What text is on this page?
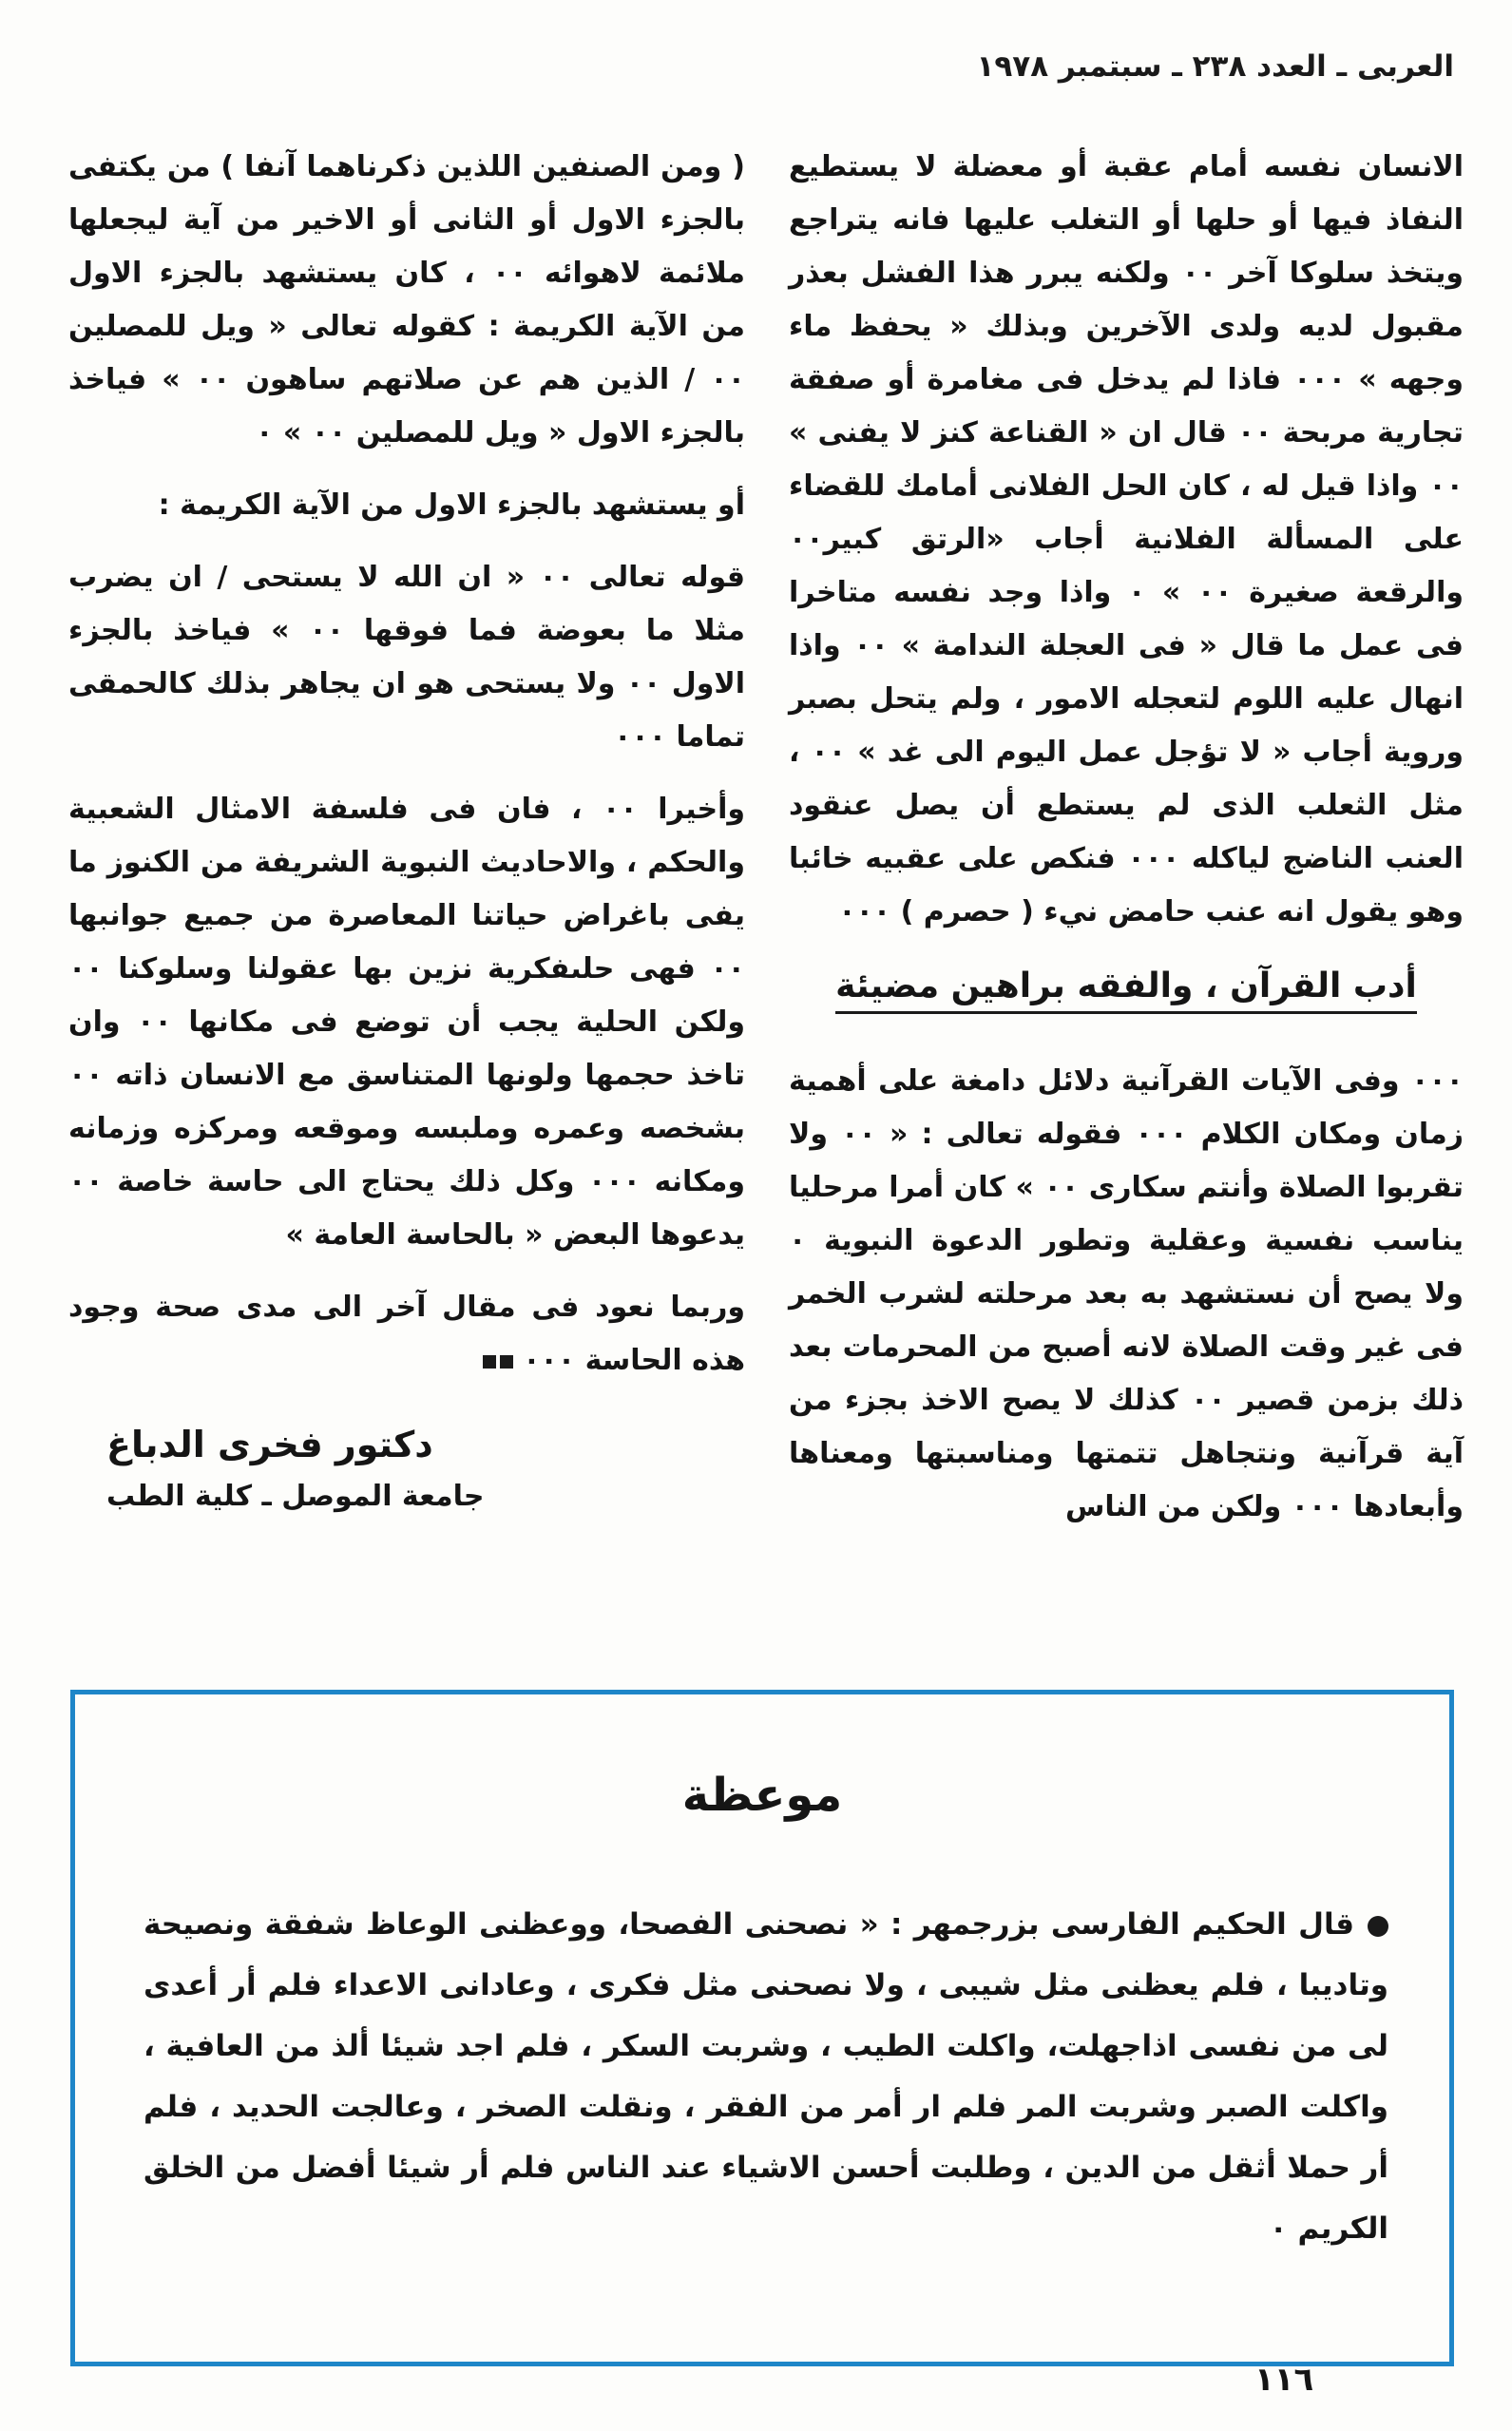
العربى ـ العدد ٢٣٨ ـ سبتمبر ١٩٧٨

الانسان نفسه أمام عقبة أو معضلة لا يستطيع النفاذ فيها أو حلها أو التغلب عليها فانه يتراجع ويتخذ سلوكا آخر ٠٠ ولكنه يبرر هذا الفشل بعذر مقبول لديه ولدى الآخرين وبذلك « يحفظ ماء وجهه » ٠٠٠ فاذا لم يدخل فى مغامرة أو صفقة تجارية مربحة ٠٠ قال ان « القناعة كنز لا يفنى » ٠٠ واذا قيل له ، كان الحل الفلانى أمامك للقضاء على المسألة الفلانية أجاب «الرتق كبير٠٠ والرقعة صغيرة ٠٠ » ٠ واذا وجد نفسه متاخرا فى عمل ما قال « فى العجلة الندامة » ٠٠ واذا انهال عليه اللوم لتعجله الامور ، ولم يتحل بصبر وروية أجاب « لا تؤجل عمل اليوم الى غد » ٠٠ ، مثل الثعلب الذى لم يستطع أن يصل عنقود العنب الناضج لياكله ٠٠٠ فنكص على عقبيه خائبا وهو يقول انه عنب حامض نيء ( حصرم ) ٠٠٠

أدب القرآن ، والفقه براهين مضيئة

٠٠٠ وفى الآيات القرآنية دلائل دامغة على أهمية زمان ومكان الكلام ٠٠٠ فقوله تعالى : « ٠٠ ولا تقربوا الصلاة وأنتم سكارى ٠٠ » كان أمرا مرحليا يناسب نفسية وعقلية وتطور الدعوة النبوية ٠ ولا يصح أن نستشهد به بعد مرحلته لشرب الخمر فى غير وقت الصلاة لانه أصبح من المحرمات بعد ذلك بزمن قصير ٠٠ كذلك لا يصح الاخذ بجزء من آية قرآنية ونتجاهل تتمتها ومناسبتها ومعناها وأبعادها ٠٠٠ ولكن من الناس

( ومن الصنفين اللذين ذكرناهما آنفا ) من يكتفى بالجزء الاول أو الثانى أو الاخير من آية ليجعلها ملائمة لاهوائه ٠٠ ، كان يستشهد بالجزء الاول من الآية الكريمة : كقوله تعالى « ويل للمصلين ٠٠ / الذين هم عن صلاتهم ساهون ٠٠ » فياخذ بالجزء الاول « ويل للمصلين ٠٠ » ٠

أو يستشهد بالجزء الاول من الآية الكريمة :

قوله تعالى ٠٠ « ان الله لا يستحى / ان يضرب مثلا ما بعوضة فما فوقها ٠٠ » فياخذ بالجزء الاول ٠٠ ولا يستحى هو ان يجاهر بذلك كالحمقى تماما ٠٠٠

وأخيرا ٠٠ ، فان فى فلسفة الامثال الشعبية والحكم ، والاحاديث النبوية الشريفة من الكنوز ما يفى باغراض حياتنا المعاصرة من جميع جوانبها ٠٠ فهى حلىفكرية نزين بها عقولنا وسلوكنا ٠٠ ولكن الحلية يجب أن توضع فى مكانها ٠٠ وان تاخذ حجمها ولونها المتناسق مع الانسان ذاته ٠٠ بشخصه وعمره وملبسه وموقعه ومركزه وزمانه ومكانه ٠٠٠ وكل ذلك يحتاج الى حاسة خاصة ٠٠ يدعوها البعض « بالحاسة العامة »

وربما نعود فى مقال آخر الى مدى صحة وجود هذه الحاسة ٠٠٠

دكتور فخرى الدباغ
جامعة الموصل ـ كلية الطب
موعظة
قال الحكيم الفارسى بزرجمهر : « نصحنى الفصحا، ووعظنى الوعاظ شفقة ونصيحة وتاديبا ، فلم يعظنى مثل شيبى ، ولا نصحنى مثل فكرى ، وعادانى الاعداء فلم أر أعدى لى من نفسى اذاجهلت، واكلت الطيب ، وشربت السكر ، فلم اجد شيئا ألذ من العافية ، واكلت الصبر وشربت المر فلم ار أمر من الفقر ، ونقلت الصخر ، وعالجت الحديد ، فلم أر حملا أثقل من الدين ، وطلبت أحسن الاشياء عند الناس فلم أر شيئا أفضل من الخلق الكريم ٠
١١٦
